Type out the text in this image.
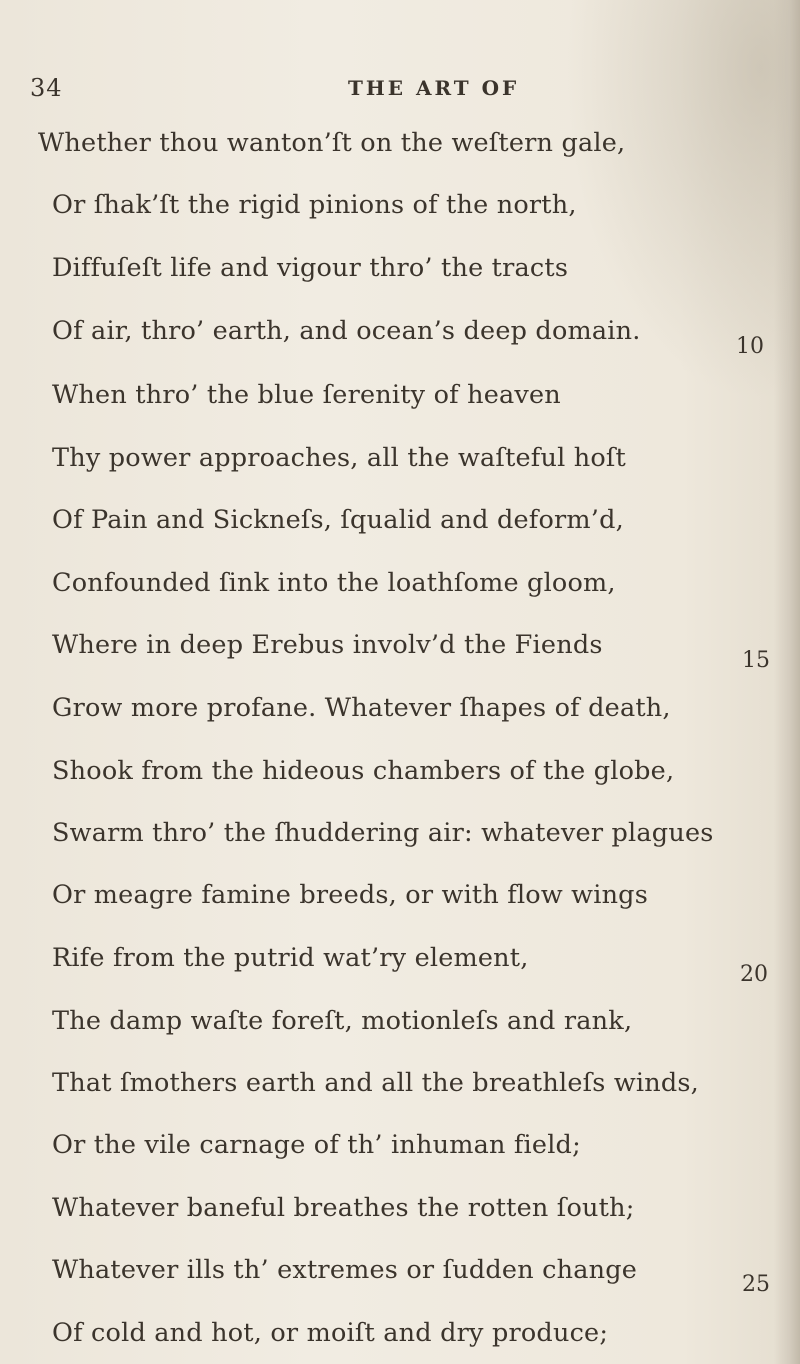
34	THE ART OF
Whether thou wanton’ſt on the weſtern gale,
Or ſhak’ſt the rigid pinions of the north,
Diffuſeſt life and vigour thro’ the tracts
Of air, thro’ earth, and ocean’s deep domain.
When thro’ the blue ſerenity of heaven
Thy power approaches, all the waſteful hoſt
Of Pain and Sickneſs, ſqualid and deform’d,
Confounded ſink into the loathſome gloom,
Where in deep Erebus involv’d the Fiends
Grow more profane. Whatever ſhapes of death,
Shook from the hideous chambers of the globe,
Swarm thro’ the ſhuddering air: whatever plagues
Or meagre famine breeds, or with flow wings
Rife from the putrid wat’ry element,
The damp waſte foreſt, motionleſs and rank,
That ſmothers earth and all the breathleſs winds,
Or the vile carnage of th’ inhuman field;
Whatever baneful breathes the rotten ſouth;
Whatever ills th’ extremes or ſudden change
Of cold and hot, or moiſt and dry produce;
10
15
20
25
